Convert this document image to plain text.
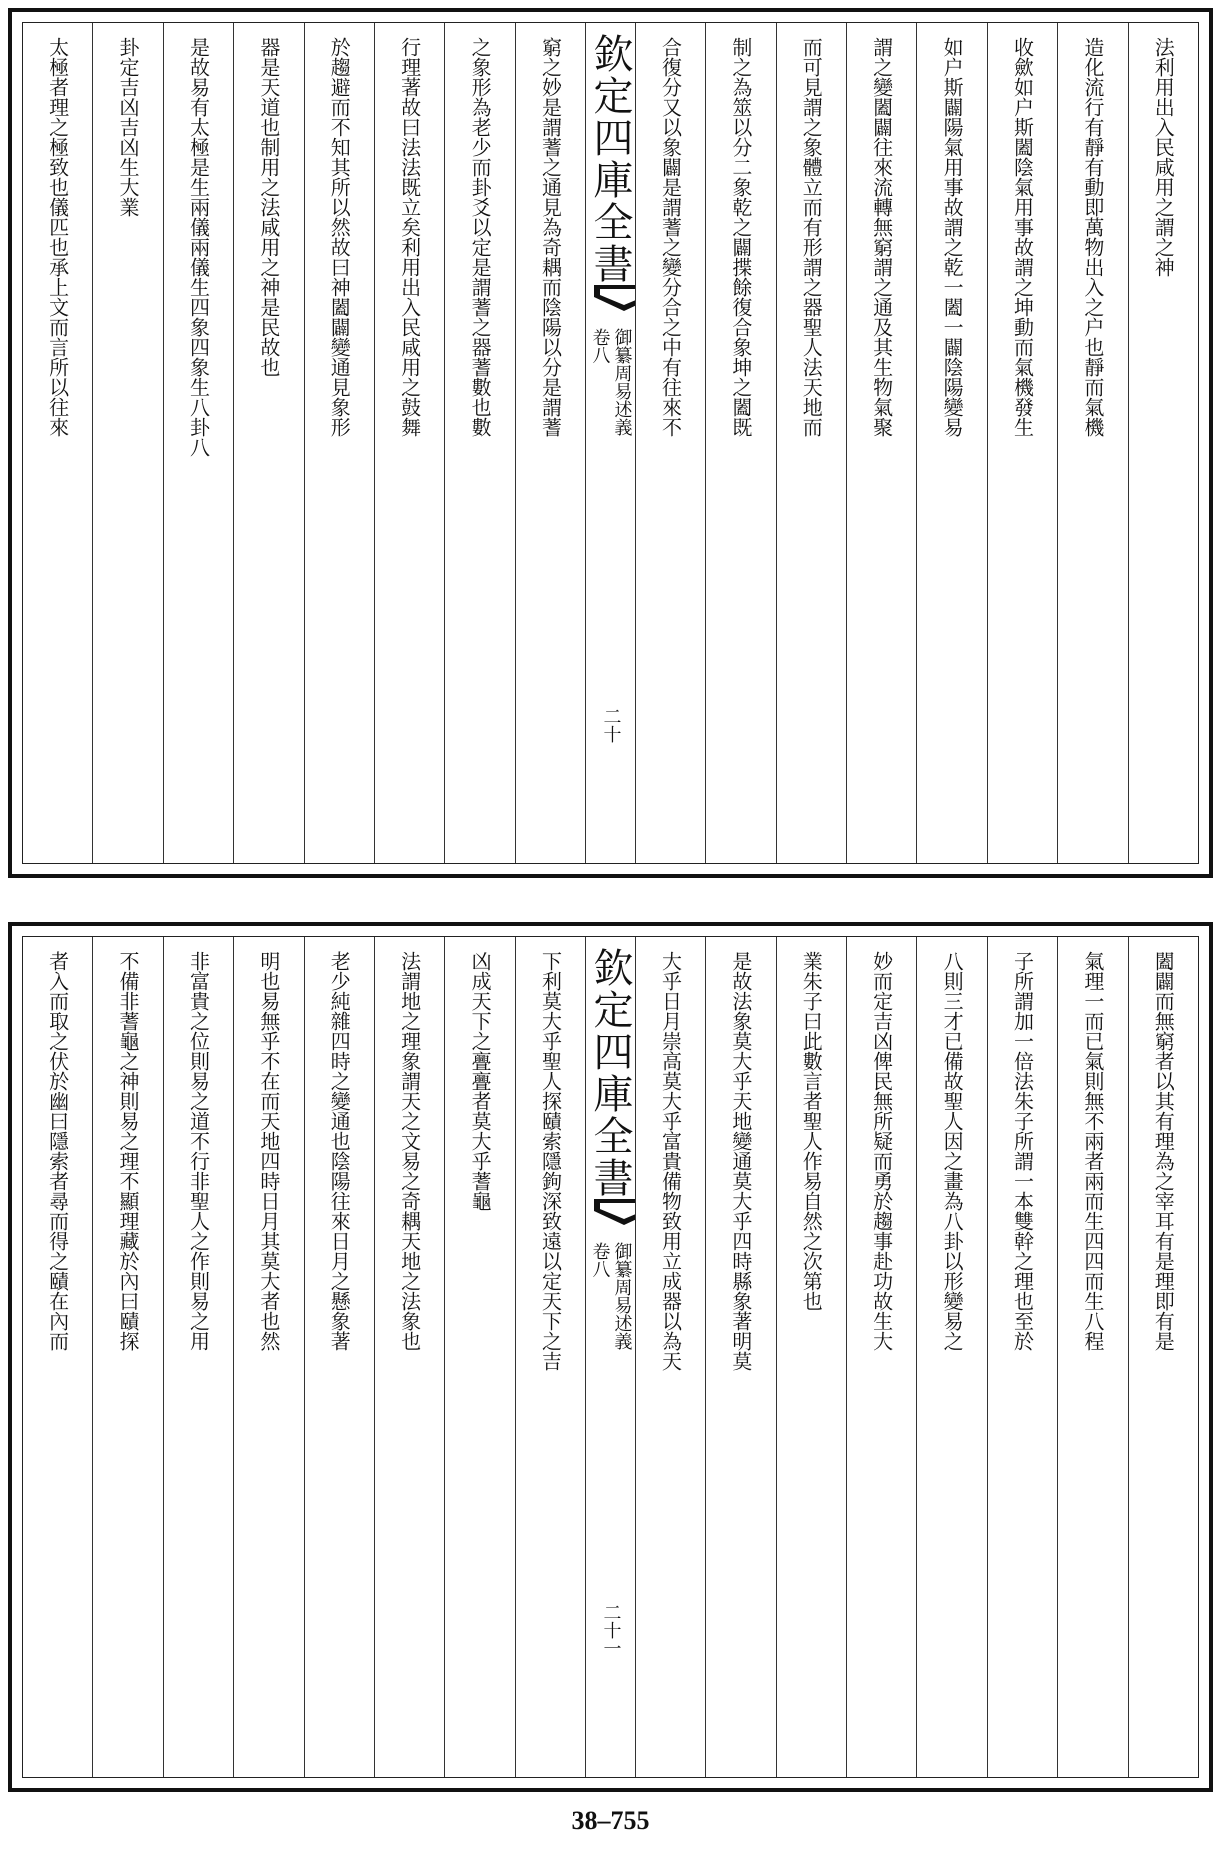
法利用出入民咸用之謂之神
造化流行有靜有動即萬物出入之户也靜而氣機
收歛如户斯闔陰氣用事故謂之坤動而氣機發生
如户斯闢陽氣用事故謂之乾一闔一闢陰陽變易
謂之變闔闢往來流轉無窮謂之通及其生物氣聚
而可見謂之象體立而有形謂之器聖人法天地而
制之為筮以分二象乾之闢揲餘復合象坤之闔既
合復分又以象闢是謂蓍之變分合之中有往來不
欽定四庫全書
御纂周易述義
卷八
二十
窮之妙是謂蓍之通見為奇耦而陰陽以分是謂蓍
之象形為老少而卦爻以定是謂蓍之器蓍數也數
行理著故曰法法既立矣利用出入民咸用之鼓舞
於趨避而不知其所以然故曰神闔闢變通見象形
器是天道也制用之法咸用之神是民故也
是故易有太極是生兩儀兩儀生四象四象生八卦八
卦定吉凶吉凶生大業
太極者理之極致也儀匹也承上文而言所以往來
闔闢而無窮者以其有理為之宰耳有是理即有是
氣理一而已氣則無不兩者兩而生四四而生八程
子所謂加一倍法朱子所謂一本雙幹之理也至於
八則三才已備故聖人因之畫為八卦以形變易之
妙而定吉凶俾民無所疑而勇於趨事赴功故生大
業朱子曰此數言者聖人作易自然之次第也
是故法象莫大乎天地變通莫大乎四時縣象著明莫
大乎日月崇高莫大乎富貴備物致用立成器以為天
欽定四庫全書
御纂周易述義
卷八
二十一
下利莫大乎聖人探賾索隱鉤深致遠以定天下之吉
凶成天下之亹亹者莫大乎蓍龜
法謂地之理象謂天之文易之奇耦天地之法象也
老少純雜四時之變通也陰陽往來日月之懸象著
明也易無乎不在而天地四時日月其莫大者也然
非富貴之位則易之道不行非聖人之作則易之用
不備非蓍龜之神則易之理不顯理藏於內曰賾探
者入而取之伏於幽曰隱索者尋而得之賾在內而
38–755
